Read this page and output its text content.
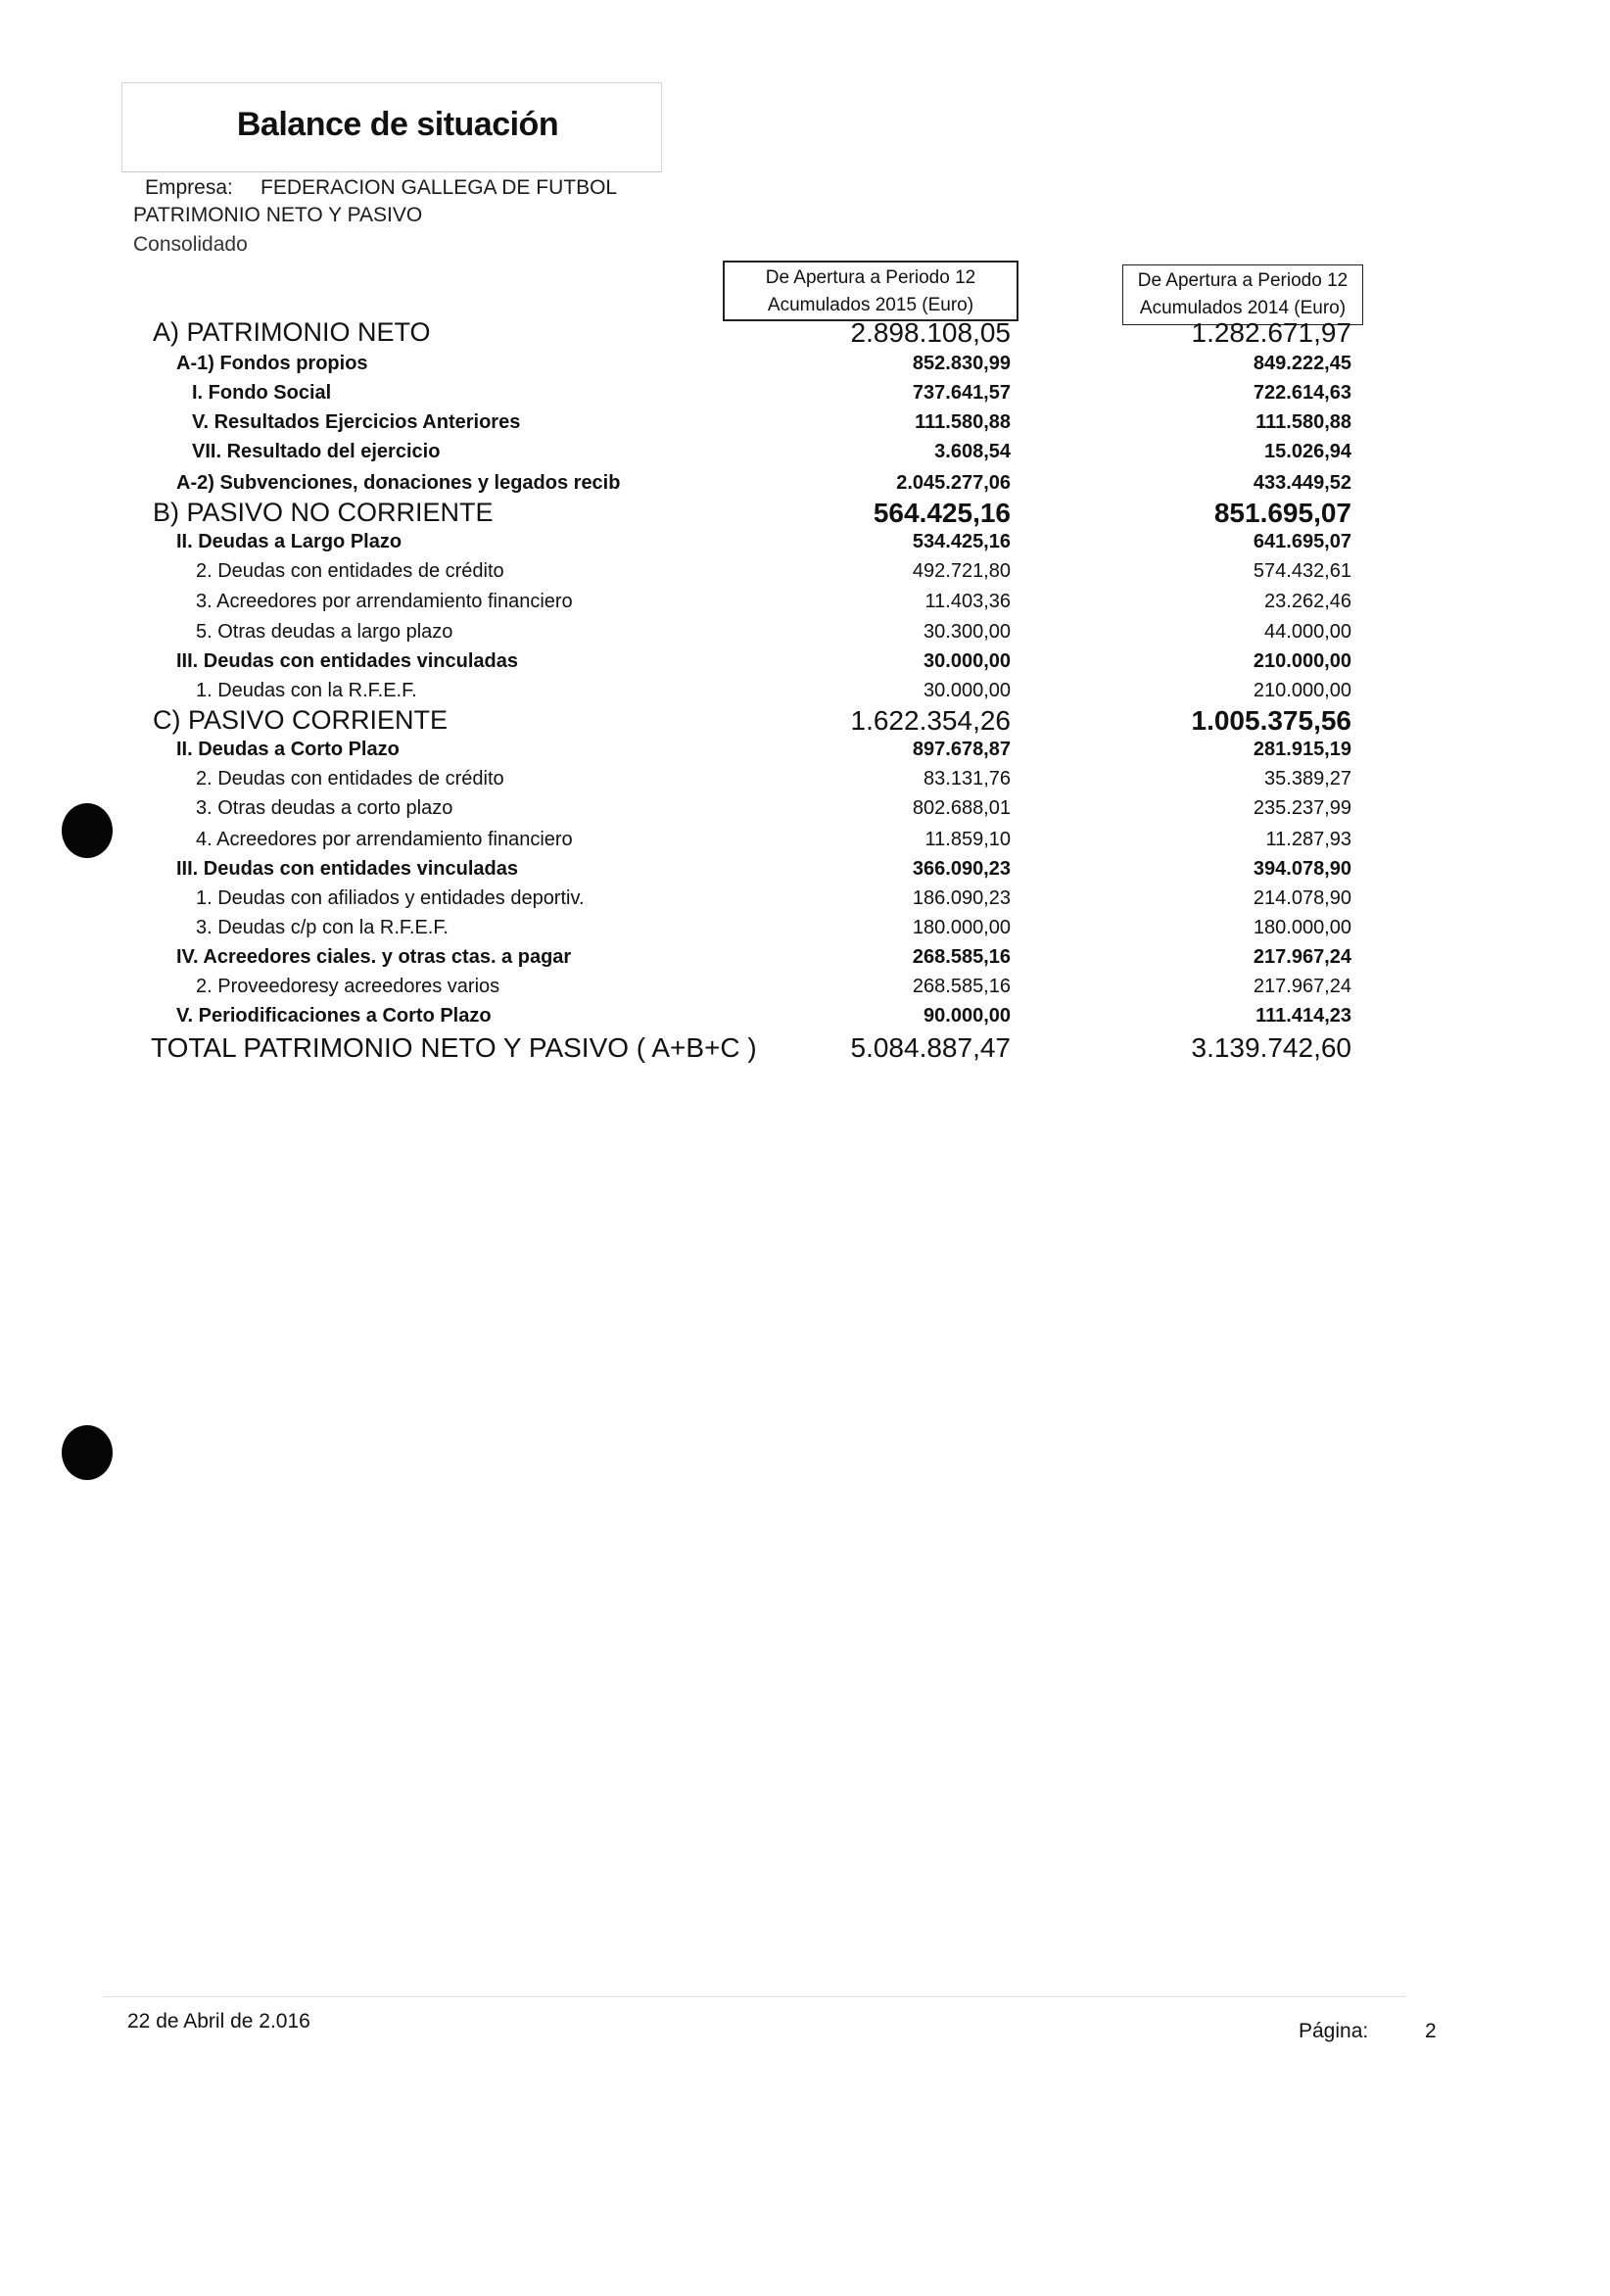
Balance de situación
Empresa: FEDERACION GALLEGA DE FUTBOL
PATRIMONIO NETO Y PASIVO
Consolidado
De Apertura a Periodo 12
Acumulados 2015 (Euro)
De Apertura a Periodo 12
Acumulados 2014 (Euro)
A) PATRIMONIO NETO	2.898.108,05	1.282.671,97
A-1) Fondos propios	852.830,99	849.222,45
I. Fondo Social	737.641,57	722.614,63
V. Resultados Ejercicios Anteriores	111.580,88	111.580,88
VII. Resultado del ejercicio	3.608,54	15.026,94
A-2) Subvenciones, donaciones y legados recib	2.045.277,06	433.449,52
B) PASIVO NO CORRIENTE	564.425,16	851.695,07
II. Deudas a Largo Plazo	534.425,16	641.695,07
2. Deudas con entidades de crédito	492.721,80	574.432,61
3. Acreedores por arrendamiento financiero	11.403,36	23.262,46
5. Otras deudas a largo plazo	30.300,00	44.000,00
III. Deudas con entidades vinculadas	30.000,00	210.000,00
1. Deudas con la R.F.E.F.	30.000,00	210.000,00
C) PASIVO CORRIENTE	1.622.354,26	1.005.375,56
II. Deudas a Corto Plazo	897.678,87	281.915,19
2. Deudas con entidades de crédito	83.131,76	35.389,27
3. Otras deudas a corto plazo	802.688,01	235.237,99
4. Acreedores por arrendamiento financiero	11.859,10	11.287,93
III. Deudas con entidades vinculadas	366.090,23	394.078,90
1. Deudas con afiliados y entidades deportiv.	186.090,23	214.078,90
3. Deudas c/p con la R.F.E.F.	180.000,00	180.000,00
IV. Acreedores ciales. y otras ctas. a pagar	268.585,16	217.967,24
2. Proveedoresy acreedores varios	268.585,16	217.967,24
V. Periodificaciones a Corto Plazo	90.000,00	111.414,23
TOTAL PATRIMONIO NETO Y PASIVO ( A+B+C )	5.084.887,47	3.139.742,60
22 de Abril de 2.016	Página:	2
